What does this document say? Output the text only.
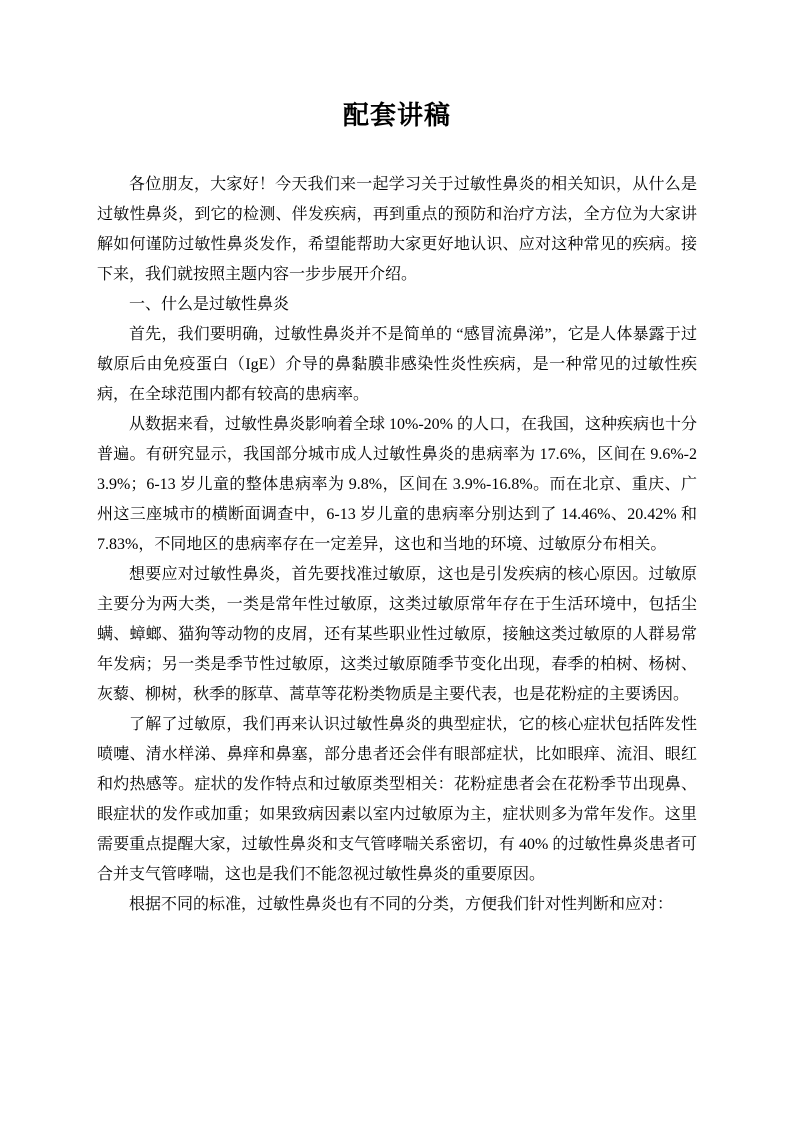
配套讲稿

各位朋友，大家好！今天我们来一起学习关于过敏性鼻炎的相关知识，从什么是过敏性鼻炎，到它的检测、伴发疾病，再到重点的预防和治疗方法，全方位为大家讲解如何谨防过敏性鼻炎发作，希望能帮助大家更好地认识、应对这种常见的疾病。接下来，我们就按照主题内容一步步展开介绍。

一、什么是过敏性鼻炎

首先，我们要明确，过敏性鼻炎并不是简单的 “感冒流鼻涕”，它是人体暴露于过敏原后由免疫蛋白（IgE）介导的鼻黏膜非感染性炎性疾病，是一种常见的过敏性疾病，在全球范围内都有较高的患病率。

从数据来看，过敏性鼻炎影响着全球 10%-20% 的人口，在我国，这种疾病也十分普遍。有研究显示，我国部分城市成人过敏性鼻炎的患病率为 17.6%，区间在 9.6%-23.9%；6-13 岁儿童的整体患病率为 9.8%，区间在 3.9%-16.8%。而在北京、重庆、广州这三座城市的横断面调查中，6-13 岁儿童的患病率分别达到了 14.46%、20.42% 和 7.83%，不同地区的患病率存在一定差异，这也和当地的环境、过敏原分布相关。

想要应对过敏性鼻炎，首先要找准过敏原，这也是引发疾病的核心原因。过敏原主要分为两大类，一类是常年性过敏原，这类过敏原常年存在于生活环境中，包括尘螨、蟑螂、猫狗等动物的皮屑，还有某些职业性过敏原，接触这类过敏原的人群易常年发病；另一类是季节性过敏原，这类过敏原随季节变化出现，春季的柏树、杨树、灰藜、柳树，秋季的豚草、蒿草等花粉类物质是主要代表，也是花粉症的主要诱因。

了解了过敏原，我们再来认识过敏性鼻炎的典型症状，它的核心症状包括阵发性喷嚏、清水样涕、鼻痒和鼻塞，部分患者还会伴有眼部症状，比如眼痒、流泪、眼红和灼热感等。症状的发作特点和过敏原类型相关：花粉症患者会在花粉季节出现鼻、眼症状的发作或加重；如果致病因素以室内过敏原为主，症状则多为常年发作。这里需要重点提醒大家，过敏性鼻炎和支气管哮喘关系密切，有 40% 的过敏性鼻炎患者可合并支气管哮喘，这也是我们不能忽视过敏性鼻炎的重要原因。

根据不同的标准，过敏性鼻炎也有不同的分类，方便我们针对性判断和应对：
